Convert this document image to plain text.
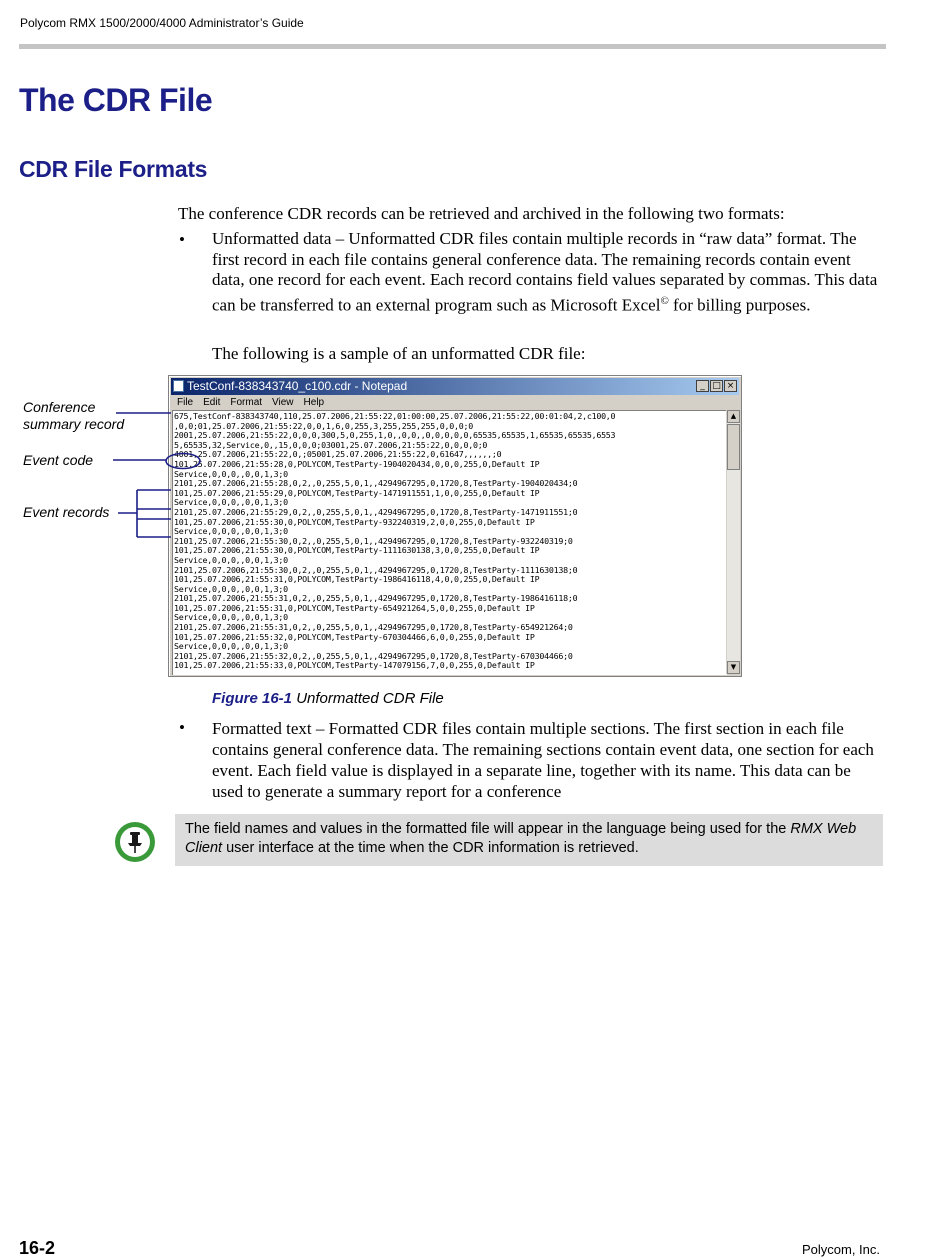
Polycom RMX 1500/2000/4000 Administrator’s Guide
The CDR File
CDR File Formats

The conference CDR records can be retrieved and archived in the following two formats:

• Unformatted data – Unformatted CDR files contain multiple records in “raw data” format. The first record in each file contains general conference data. The remaining records contain event data, one record for each event. Each record contains field values separated by commas. This data can be transferred to an external program such as Microsoft Excel© for billing purposes.

The following is a sample of an unformatted CDR file:

TestConf-838343740_c100.cdr - Notepad	_ □ ×
File Edit Format View Help
675,TestConf-838343740,110,25.07.2006,21:55:22,01:00:00,25.07.2006,21:55:22,00:01:04,2,c100,0
,0,0;01,25.07.2006,21:55:22,0,0,1,6,0,255,3,255,255,255,0,0,0;0
2001,25.07.2006,21:55:22,0,0,0,300,5,0,255,1,0,,0,0,,0,0,0,0,0,65535,65535,1,65535,65535,6553
5,65535,32,Service,0,,15,0,0,0;03001,25.07.2006,21:55:22,0,0,0,0;0
4001,25.07.2006,21:55:22,0,;05001,25.07.2006,21:55:22,0,61647,,,,,,;0
101,25.07.2006,21:55:28,0,POLYCOM,TestParty-1904020434,0,0,0,255,0,Default IP
Service,0,0,0,,0,0,1,3;0
2101,25.07.2006,21:55:28,0,2,,0,255,5,0,1,,4294967295,0,1720,8,TestParty-1904020434;0
101,25.07.2006,21:55:29,0,POLYCOM,TestParty-1471911551,1,0,0,255,0,Default IP
Service,0,0,0,,0,0,1,3;0
2101,25.07.2006,21:55:29,0,2,,0,255,5,0,1,,4294967295,0,1720,8,TestParty-1471911551;0
101,25.07.2006,21:55:30,0,POLYCOM,TestParty-932240319,2,0,0,255,0,Default IP
Service,0,0,0,,0,0,1,3;0
2101,25.07.2006,21:55:30,0,2,,0,255,5,0,1,,4294967295,0,1720,8,TestParty-932240319;0
101,25.07.2006,21:55:30,0,POLYCOM,TestParty-1111630138,3,0,0,255,0,Default IP
Service,0,0,0,,0,0,1,3;0
2101,25.07.2006,21:55:30,0,2,,0,255,5,0,1,,4294967295,0,1720,8,TestParty-1111630138;0
101,25.07.2006,21:55:31,0,POLYCOM,TestParty-1986416118,4,0,0,255,0,Default IP
Service,0,0,0,,0,0,1,3;0
2101,25.07.2006,21:55:31,0,2,,0,255,5,0,1,,4294967295,0,1720,8,TestParty-1986416118;0
101,25.07.2006,21:55:31,0,POLYCOM,TestParty-654921264,5,0,0,255,0,Default IP
Service,0,0,0,,0,0,1,3;0
2101,25.07.2006,21:55:31,0,2,,0,255,5,0,1,,4294967295,0,1720,8,TestParty-654921264;0
101,25.07.2006,21:55:32,0,POLYCOM,TestParty-670304466,6,0,0,255,0,Default IP
Service,0,0,0,,0,0,1,3;0
2101,25.07.2006,21:55:32,0,2,,0,255,5,0,1,,4294967295,0,1720,8,TestParty-670304466;0
101,25.07.2006,21:55:33,0,POLYCOM,TestParty-147079156,7,0,0,255,0,Default IP

▲
▼
Conference
summary record
Event code
Event records

Figure 16-1 Unformatted CDR File

• Formatted text – Formatted CDR files contain multiple sections. The first section in each file contains general conference data. The remaining sections contain event data, one section for each event. Each field value is displayed in a separate line, together with its name. This data can be used to generate a summary report for a conference

The field names and values in the formatted file will appear in the language being used for the RMX Web Client user interface at the time when the CDR information is retrieved.
16-2	Polycom, Inc.
